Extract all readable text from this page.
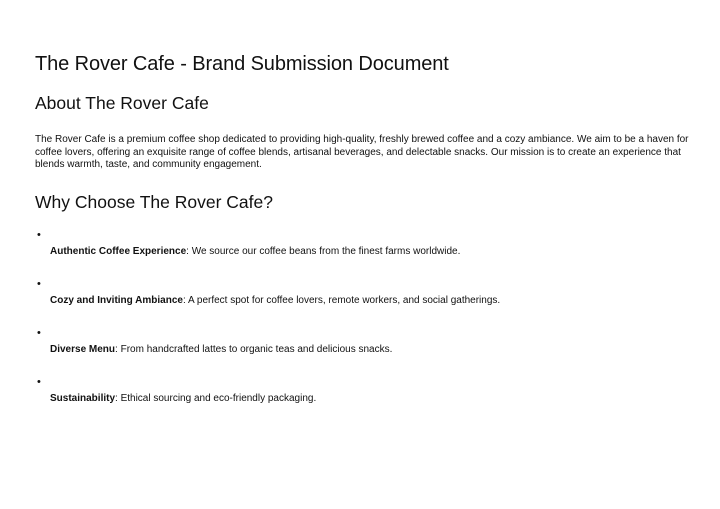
The Rover Cafe - Brand Submission Document
About The Rover Cafe

The Rover Cafe is a premium coffee shop dedicated to providing high-quality, freshly brewed coffee and a cozy ambiance. We aim to be a haven for coffee lovers, offering an exquisite range of coffee blends, artisanal beverages, and delectable snacks. Our mission is to create an experience that blends warmth, taste, and community engagement.

Why Choose The Rover Cafe?
•
Authentic Coffee Experience: We source our coffee beans from the finest farms worldwide.
•
Cozy and Inviting Ambiance: A perfect spot for coffee lovers, remote workers, and social gatherings.
•
Diverse Menu: From handcrafted lattes to organic teas and delicious snacks.
•
Sustainability: Ethical sourcing and eco-friendly packaging.
